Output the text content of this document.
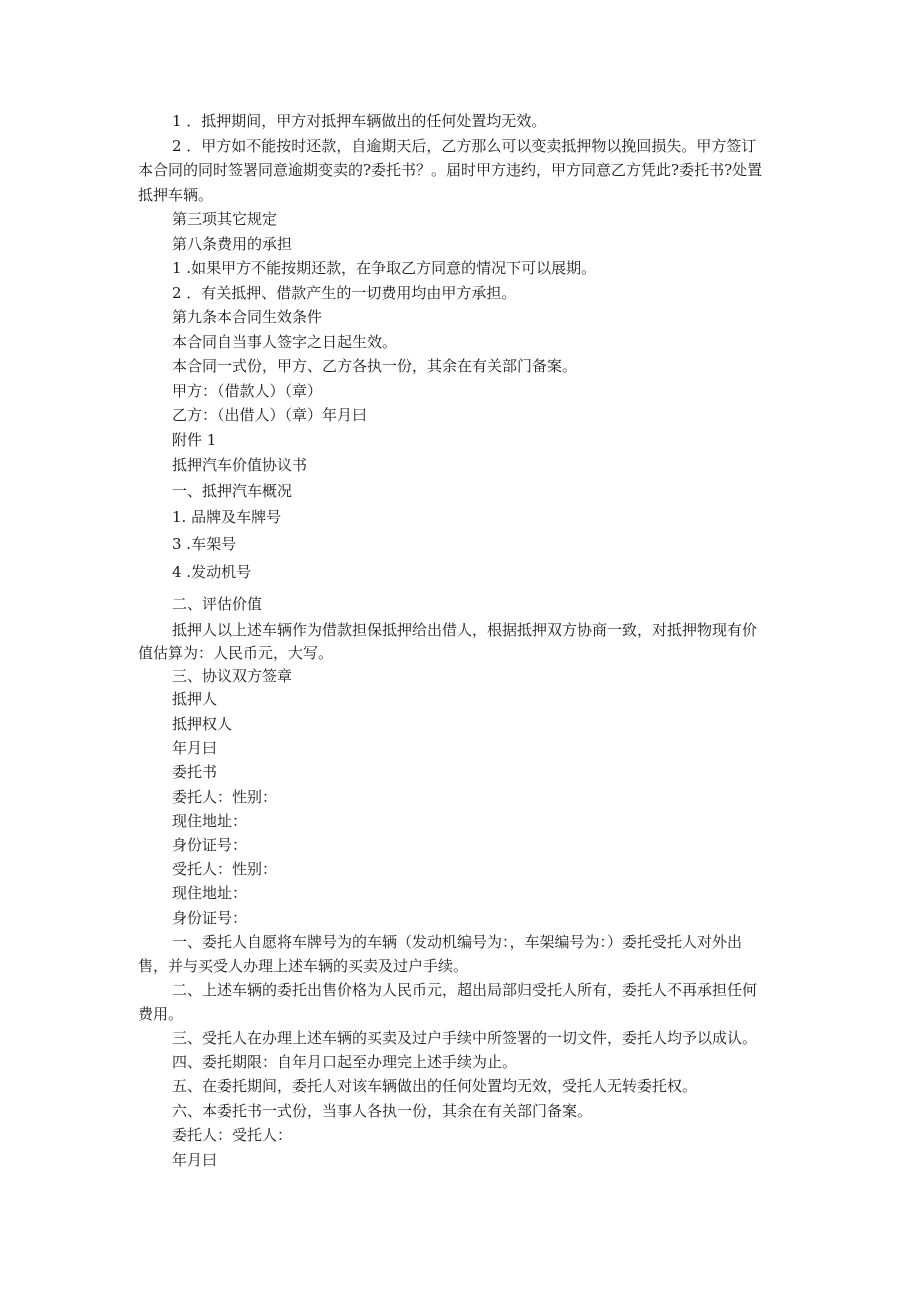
1 ．抵押期间，甲方对抵押车辆做出的任何处置均无效。
2 ．甲方如不能按时还款，自逾期天后，乙方那么可以变卖抵押物以挽回损失。甲方签订
本合同的同时签署同意逾期变卖的?委托书？。届时甲方违约，甲方同意乙方凭此?委托书?处置
抵押车辆。
第三项其它规定
第八条费用的承担
1 .如果甲方不能按期还款，在争取乙方同意的情况下可以展期。
2 ．有关抵押、借款产生的一切费用均由甲方承担。
第九条本合同生效条件
本合同自当事人签字之日起生效。
本合同一式份，甲方、乙方各执一份，其余在有关部门备案。
甲方：（借款人）（章）
乙方：（出借人）（章）年月曰
附件 1
抵押汽车价值协议书
一、抵押汽车概况
1. 品牌及车牌号
3 .车架号
4 .发动机号
二、评估价值
抵押人以上述车辆作为借款担保抵押给出借人，根据抵押双方协商一致，对抵押物现有价
值估算为：人民币元，大写。
三、协议双方签章
抵押人
抵押权人
年月曰
委托书
委托人：性别：
现住地址：
身份证号：
受托人：性别：
现住地址：
身份证号：
一、委托人自愿将车牌号为的车辆（发动机编号为：，车架编号为：）委托受托人对外出
售，并与买受人办理上述车辆的买卖及过户手续。
二、上述车辆的委托出售价格为人民币元，超出局部归受托人所有，委托人不再承担任何
费用。
三、受托人在办理上述车辆的买卖及过户手续中所签署的一切文件，委托人均予以成认。
四、委托期限：自年月口起至办理完上述手续为止。
五、在委托期间，委托人对该车辆做出的任何处置均无效，受托人无转委托权。
六、本委托书一式份，当事人各执一份，其余在有关部门备案。
委托人：受托人：
年月曰
